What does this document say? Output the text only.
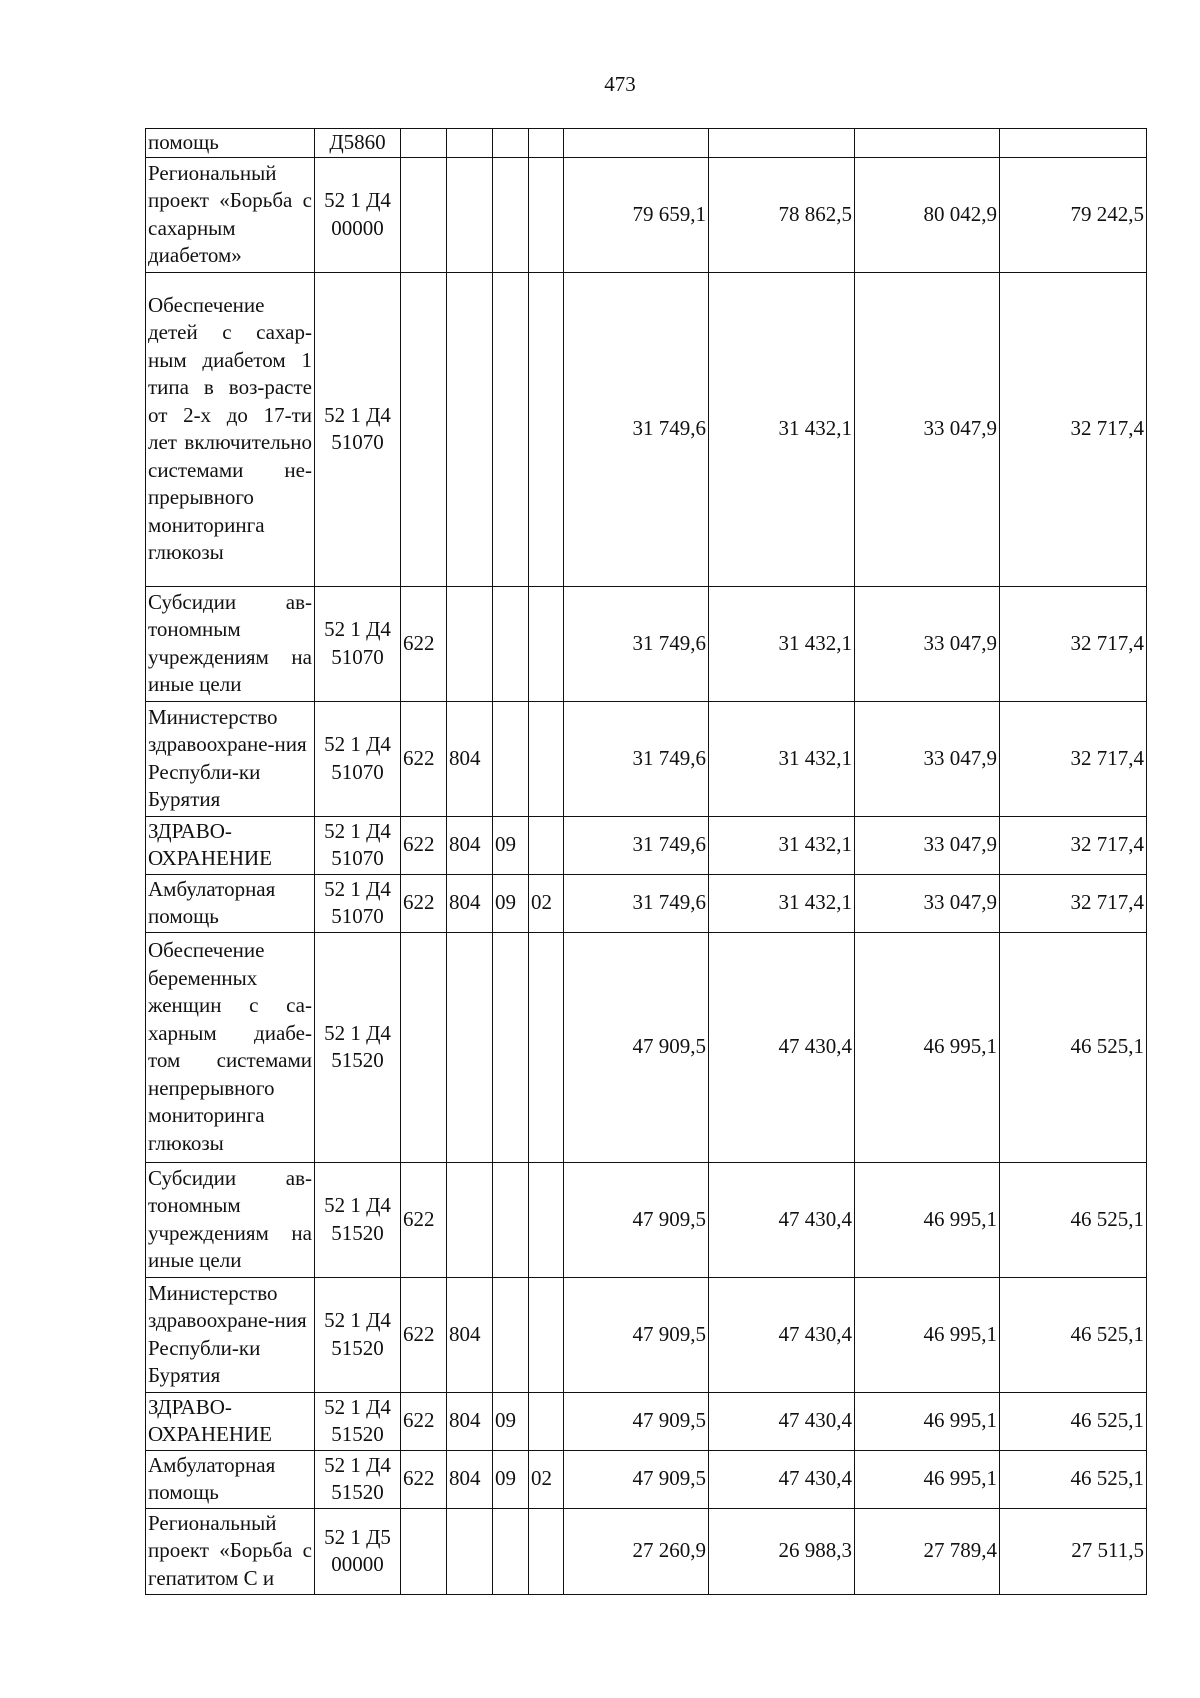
473
помощь	Д5860								
Региональный проект «Борьба с сахарным диабетом»	52 1 Д4 00000					79 659,1	78 862,5	80 042,9	79 242,5
Обеспечение детей с сахар-ным диабетом 1 типа в воз-расте от 2-х до 17-ти лет включительно системами не-прерывного мониторинга глюкозы	52 1 Д4 51070					31 749,6	31 432,1	33 047,9	32 717,4
Субсидии ав-тономным учреждениям на иные цели	52 1 Д4 51070	622				31 749,6	31 432,1	33 047,9	32 717,4
Министерство здравоохране-ния Республи-ки Бурятия	52 1 Д4 51070	622	804			31 749,6	31 432,1	33 047,9	32 717,4
ЗДРАВО-ОХРАНЕНИЕ	52 1 Д4 51070	622	804	09		31 749,6	31 432,1	33 047,9	32 717,4
Амбулаторная помощь	52 1 Д4 51070	622	804	09	02	31 749,6	31 432,1	33 047,9	32 717,4
Обеспечение беременных женщин с са-харным диабе-том системами непрерывного мониторинга глюкозы	52 1 Д4 51520					47 909,5	47 430,4	46 995,1	46 525,1
Субсидии ав-тономным учреждениям на иные цели	52 1 Д4 51520	622				47 909,5	47 430,4	46 995,1	46 525,1
Министерство здравоохране-ния Республи-ки Бурятия	52 1 Д4 51520	622	804			47 909,5	47 430,4	46 995,1	46 525,1
ЗДРАВО-ОХРАНЕНИЕ	52 1 Д4 51520	622	804	09		47 909,5	47 430,4	46 995,1	46 525,1
Амбулаторная помощь	52 1 Д4 51520	622	804	09	02	47 909,5	47 430,4	46 995,1	46 525,1
Региональный проект «Борьба с гепатитом С и	52 1 Д5 00000					27 260,9	26 988,3	27 789,4	27 511,5
